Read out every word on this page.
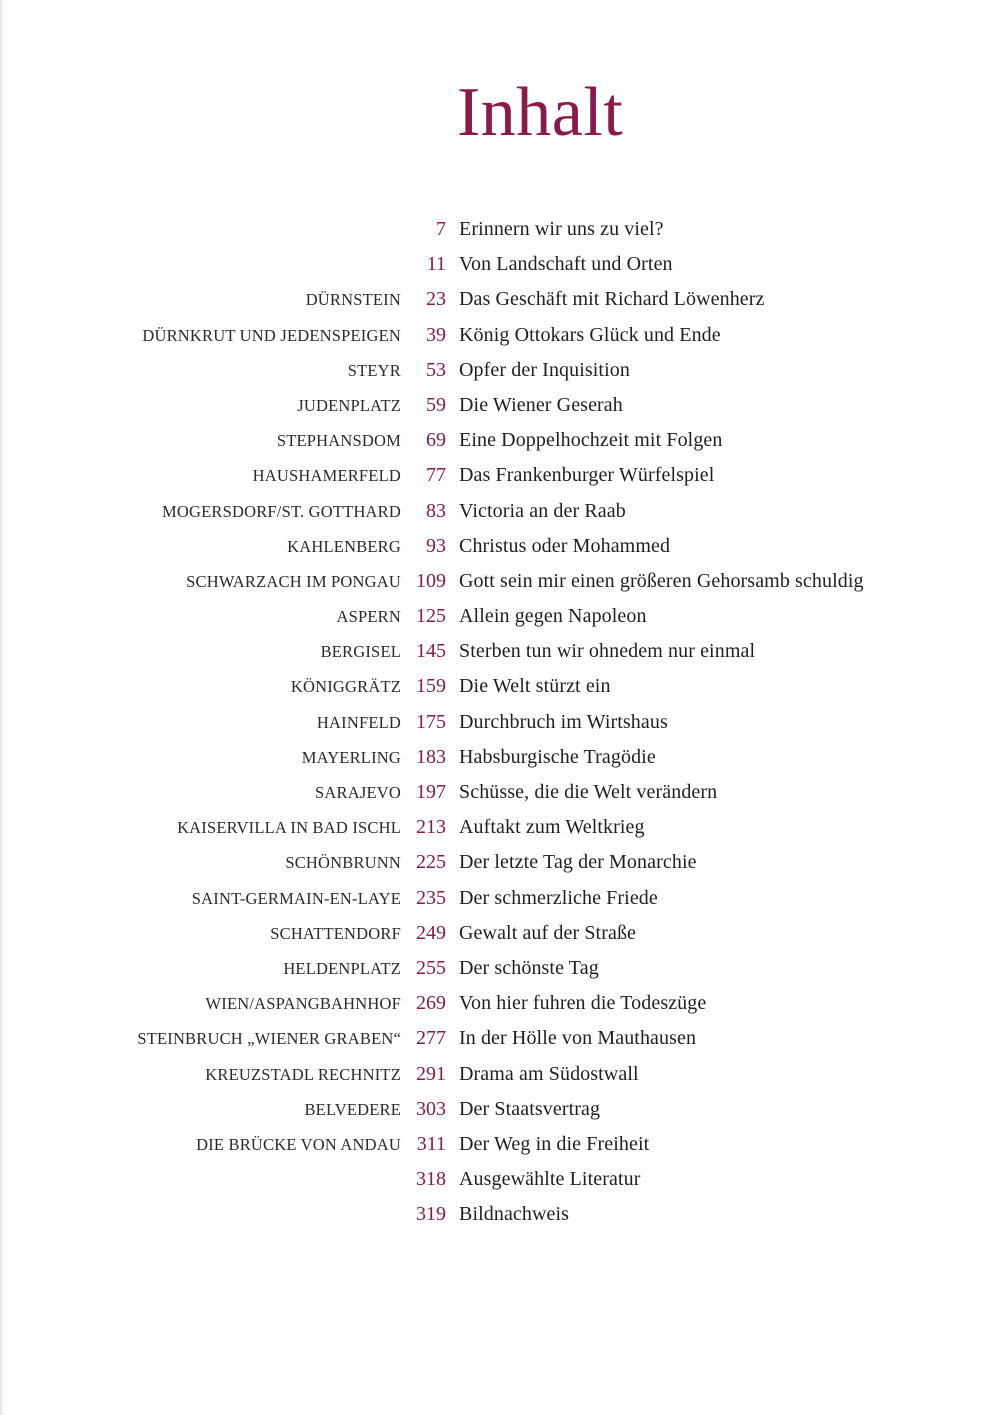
Inhalt
7 Erinnern wir uns zu viel?
11 Von Landschaft und Orten
DÜRNSTEIN 23 Das Geschäft mit Richard Löwenherz
DÜRNKRUT UND JEDENSPEIGEN 39 König Ottokars Glück und Ende
STEYR 53 Opfer der Inquisition
JUDENPLATZ 59 Die Wiener Geserah
STEPHANSDOM 69 Eine Doppelhochzeit mit Folgen
HAUSHAMERFELD 77 Das Frankenburger Würfelspiel
MOGERSDORF/ST. GOTTHARD 83 Victoria an der Raab
KAHLENBERG 93 Christus oder Mohammed
SCHWARZACH IM PONGAU 109 Gott sein mir einen größeren Gehorsamb schuldig
ASPERN 125 Allein gegen Napoleon
BERGISEL 145 Sterben tun wir ohnedem nur einmal
KÖNIGGRÄTZ 159 Die Welt stürzt ein
HAINFELD 175 Durchbruch im Wirtshaus
MAYERLING 183 Habsburgische Tragödie
SARAJEVO 197 Schüsse, die die Welt verändern
KAISERVILLA IN BAD ISCHL 213 Auftakt zum Weltkrieg
SCHÖNBRUNN 225 Der letzte Tag der Monarchie
SAINT-GERMAIN-EN-LAYE 235 Der schmerzliche Friede
SCHATTENDORF 249 Gewalt auf der Straße
HELDENPLATZ 255 Der schönste Tag
WIEN/ASPANGBAHNHOF 269 Von hier fuhren die Todeszüge
STEINBRUCH „WIENER GRABEN“ 277 In der Hölle von Mauthausen
KREUZSTADL RECHNITZ 291 Drama am Südostwall
BELVEDERE 303 Der Staatsvertrag
DIE BRÜCKE VON ANDAU 311 Der Weg in die Freiheit
318 Ausgewählte Literatur
319 Bildnachweis
